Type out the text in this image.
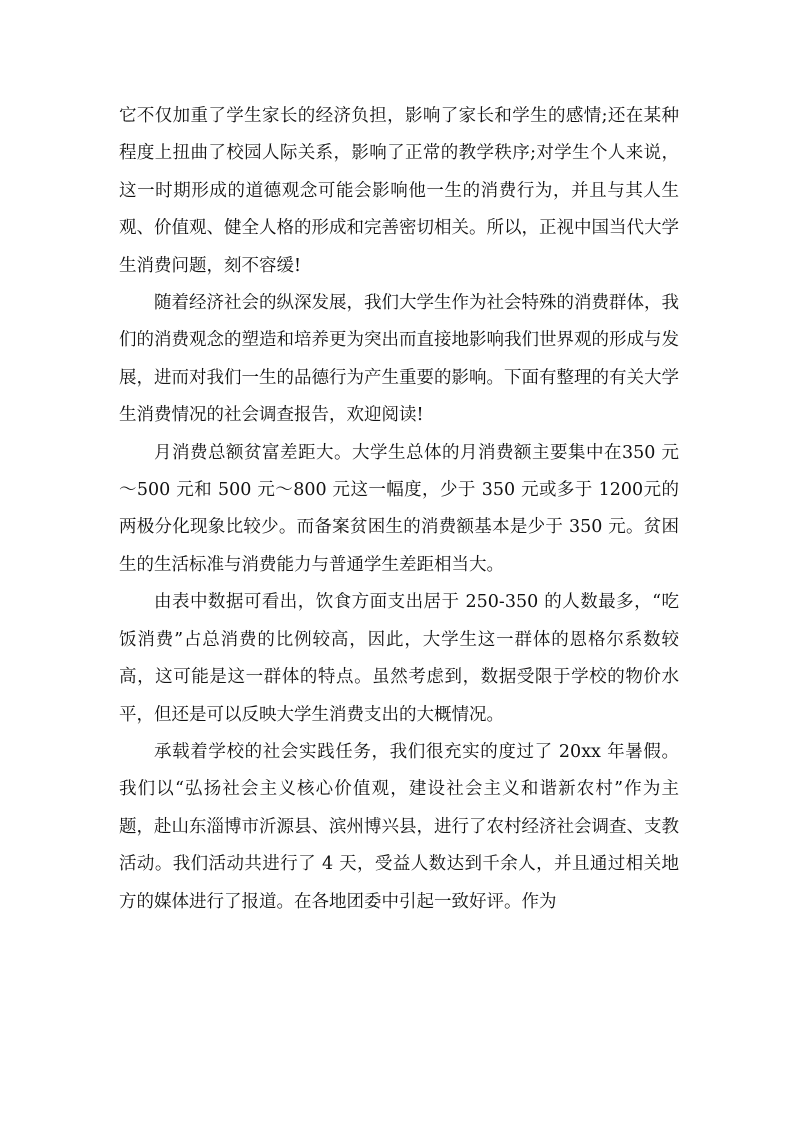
它不仅加重了学生家长的经济负担，影响了家长和学生的感情;还在某种程度上扭曲了校园人际关系，影响了正常的教学秩序;对学生个人来说，这一时期形成的道德观念可能会影响他一生的消费行为，并且与其人生观、价值观、健全人格的形成和完善密切相关。所以，正视中国当代大学生消费问题，刻不容缓!

随着经济社会的纵深发展，我们大学生作为社会特殊的消费群体，我们的消费观念的塑造和培养更为突出而直接地影响我们世界观的形成与发展，进而对我们一生的品德行为产生重要的影响。下面有整理的有关大学生消费情况的社会调查报告，欢迎阅读!

月消费总额贫富差距大。大学生总体的月消费额主要集中在350 元～500 元和 500 元～800 元这一幅度，少于 350 元或多于 1200元的两极分化现象比较少。而备案贫困生的消费额基本是少于 350 元。贫困生的生活标准与消费能力与普通学生差距相当大。

由表中数据可看出，饮食方面支出居于 250-350 的人数最多，“吃饭消费”占总消费的比例较高，因此，大学生这一群体的恩格尔系数较高，这可能是这一群体的特点。虽然考虑到，数据受限于学校的物价水平，但还是可以反映大学生消费支出的大概情况。

承载着学校的社会实践任务，我们很充实的度过了 20xx 年暑假。我们以“弘扬社会主义核心价值观，建设社会主义和谐新农村”作为主题，赴山东淄博市沂源县、滨州博兴县，进行了农村经济社会调查、支教活动。我们活动共进行了 4 天，受益人数达到千余人，并且通过相关地方的媒体进行了报道。在各地团委中引起一致好评。作为
